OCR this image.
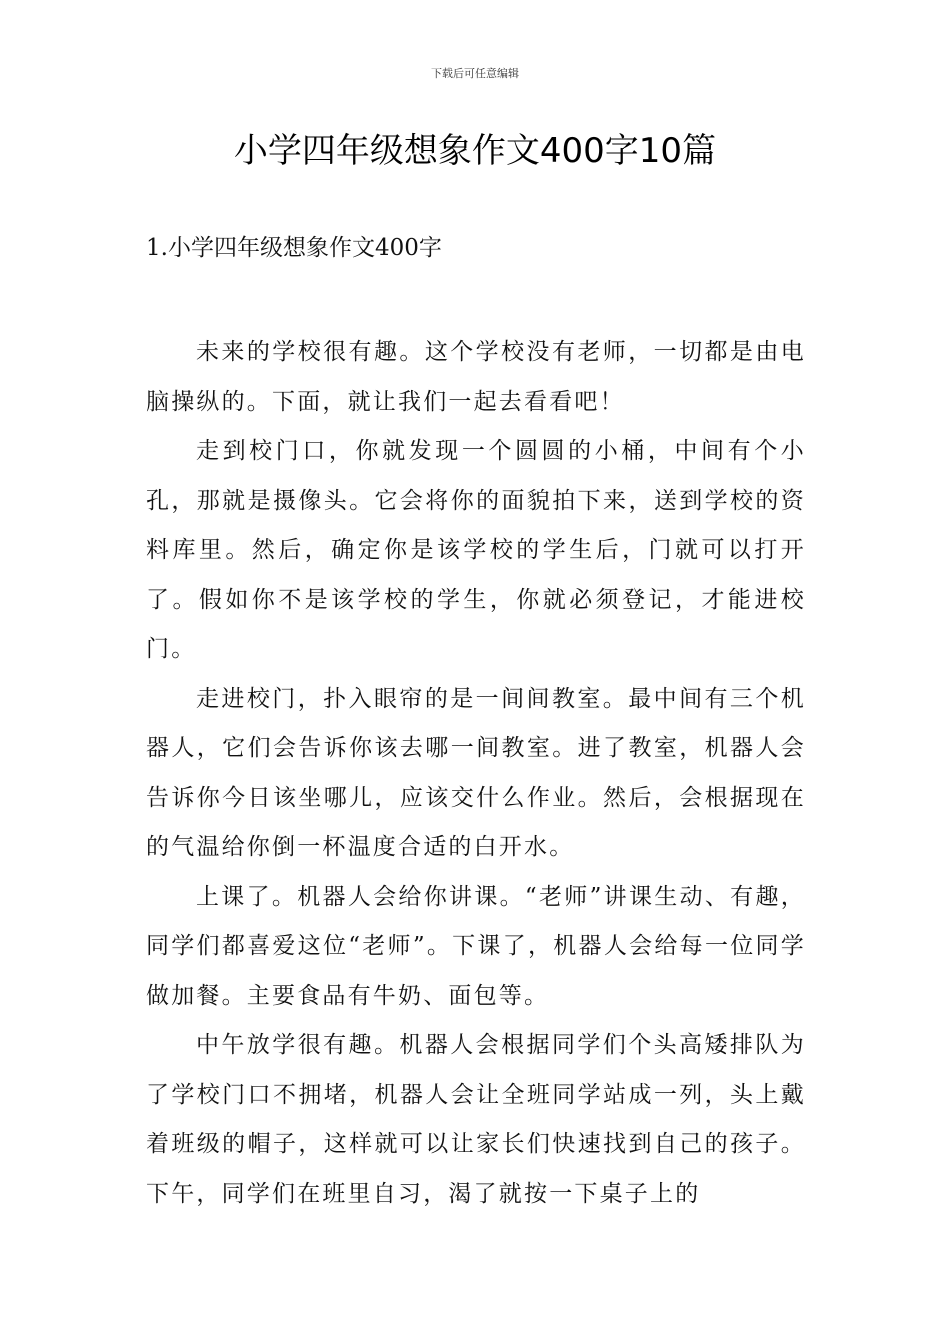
下载后可任意编辑
小学四年级想象作文400字10篇
1.小学四年级想象作文400字

未来的学校很有趣。这个学校没有老师，一切都是由电脑操纵的。下面，就让我们一起去看看吧！

走到校门口，你就发现一个圆圆的小桶，中间有个小孔，那就是摄像头。它会将你的面貌拍下来，送到学校的资料库里。然后，确定你是该学校的学生后，门就可以打开了。假如你不是该学校的学生，你就必须登记，才能进校门。

走进校门，扑入眼帘的是一间间教室。最中间有三个机器人，它们会告诉你该去哪一间教室。进了教室，机器人会告诉你今日该坐哪儿，应该交什么作业。然后，会根据现在的气温给你倒一杯温度合适的白开水。

上课了。机器人会给你讲课。“老师”讲课生动、有趣，同学们都喜爱这位“老师”。下课了，机器人会给每一位同学做加餐。主要食品有牛奶、面包等。

中午放学很有趣。机器人会根据同学们个头高矮排队为了学校门口不拥堵，机器人会让全班同学站成一列，头上戴着班级的帽子，这样就可以让家长们快速找到自己的孩子。下午，同学们在班里自习，渴了就按一下桌子上的
